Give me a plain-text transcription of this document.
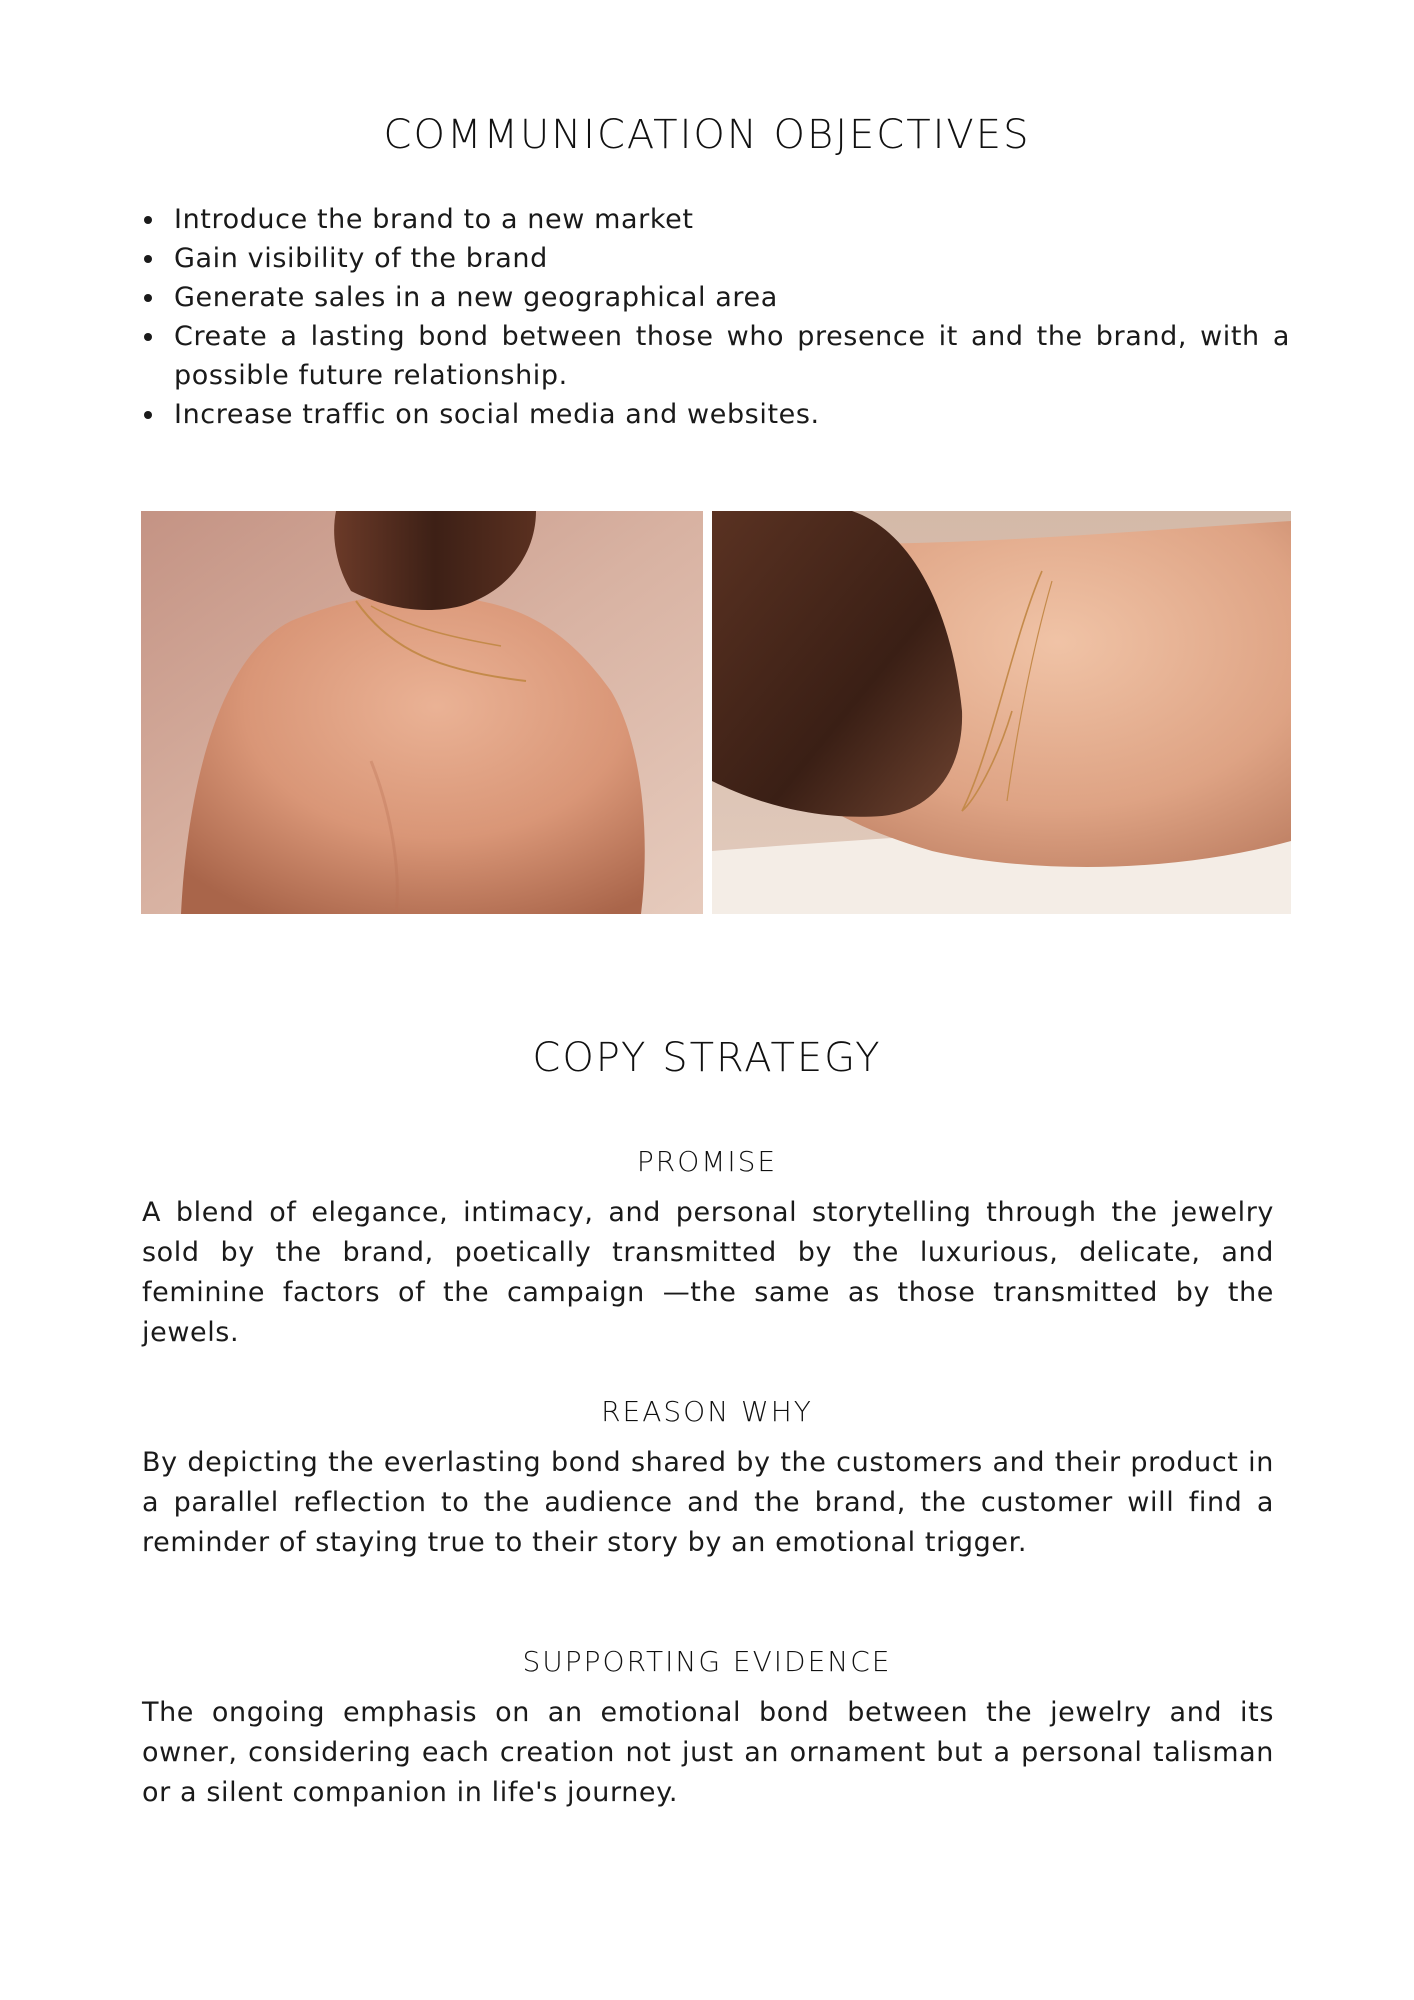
COMMUNICATION OBJECTIVES
Introduce the brand to a new market
Gain visibility of the brand
Generate sales in a new geographical area
Create a lasting bond between those who presence it and the brand, with a possible future relationship.
Increase traffic on social media and websites.
COPY STRATEGY
PROMISE

A blend of elegance, intimacy, and personal storytelling through the jewelry sold by the brand, poetically transmitted by the luxurious, delicate, and feminine factors of the campaign —the same as those transmitted by the jewels.

REASON WHY

By depicting the everlasting bond shared by the customers and their product in a parallel reflection to the audience and the brand, the customer will find a reminder of staying true to their story by an emotional trigger.

SUPPORTING EVIDENCE

The ongoing emphasis on an emotional bond between the jewelry and its owner, considering each creation not just an ornament but a personal talisman or a silent companion in life's journey.
